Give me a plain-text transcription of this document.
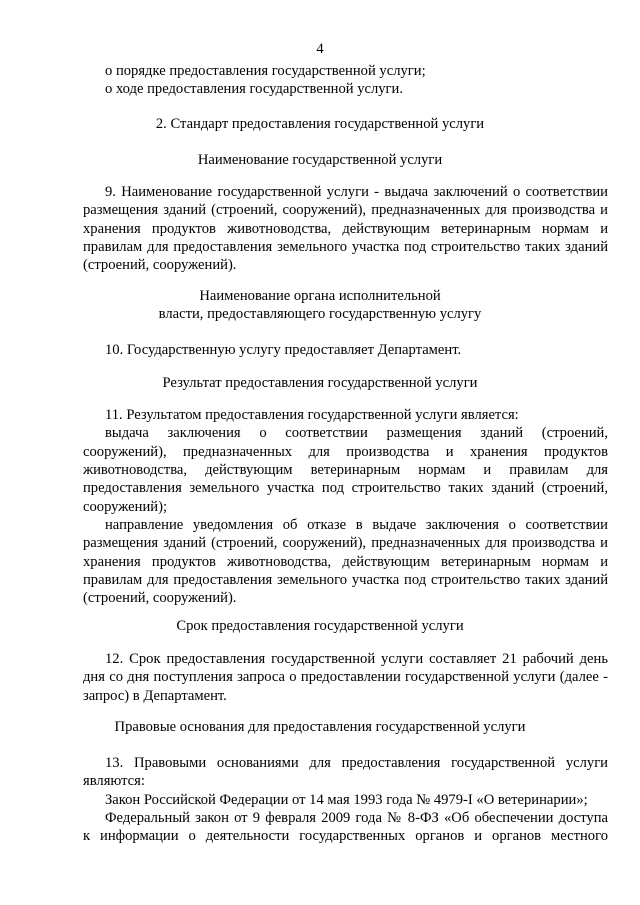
4
о порядке предоставления государственной услуги;
о ходе предоставления государственной услуги.
2. Стандарт предоставления государственной услуги
Наименование государственной услуги
9. Наименование государственной услуги - выдача заключений о соответствии
размещения зданий (строений, сооружений), предназначенных для производства и
хранения продуктов животноводства, действующим ветеринарным нормам и
правилам для предоставления земельного участка под строительство таких зданий
(строений, сооружений).
Наименование органа исполнительной
власти, предоставляющего государственную услугу
10. Государственную услугу предоставляет Департамент.
Результат предоставления государственной услуги
11. Результатом предоставления государственной услуги является:
выдача заключения о соответствии размещения зданий (строений,
сооружений), предназначенных для производства и хранения продуктов
животноводства, действующим ветеринарным нормам и правилам для
предоставления земельного участка под строительство таких зданий (строений,
сооружений);
направление уведомления об отказе в выдаче заключения о соответствии
размещения зданий (строений, сооружений), предназначенных для производства и
хранения продуктов животноводства, действующим ветеринарным нормам и
правилам для предоставления земельного участка под строительство таких зданий
(строений, сооружений).
Срок предоставления государственной услуги
12. Срок предоставления государственной услуги составляет 21 рабочий день
дня со дня поступления запроса о предоставлении государственной услуги (далее -
запрос) в Департамент.
Правовые основания для предоставления государственной услуги
13. Правовыми основаниями для предоставления государственной услуги
являются:
Закон Российской Федерации от 14 мая 1993 года № 4979-I «О ветеринарии»;
Федеральный закон от 9 февраля 2009 года № 8-ФЗ «Об обеспечении доступа
к информации о деятельности государственных органов и органов местного
